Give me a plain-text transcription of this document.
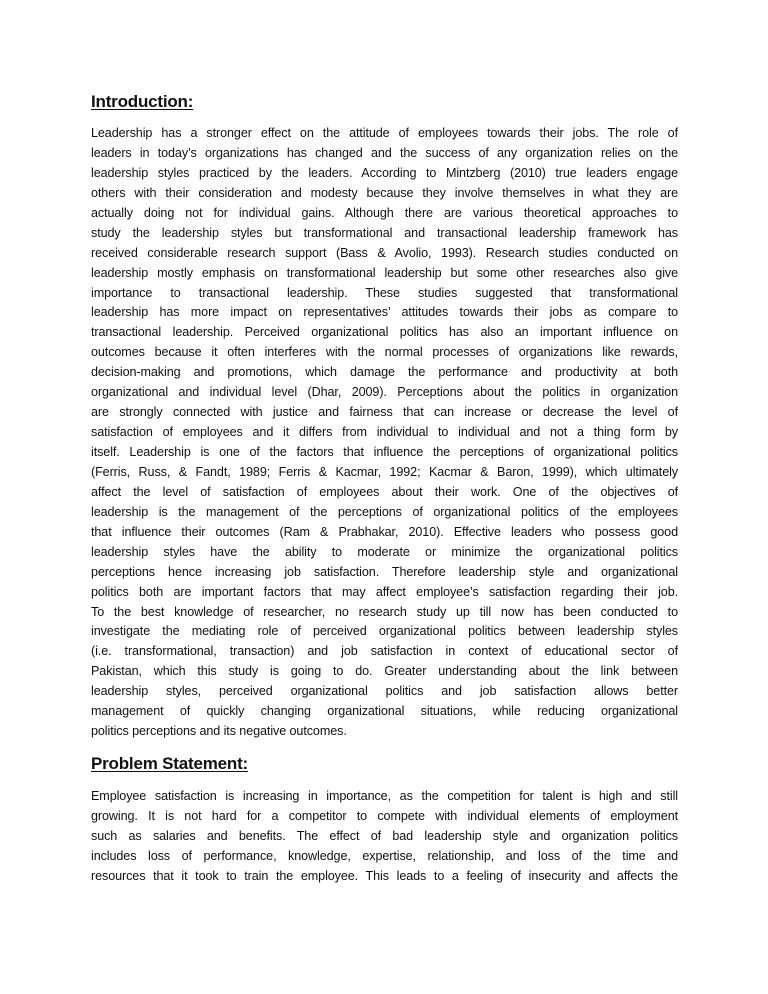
Introduction:
Leadership has a stronger effect on the attitude of employees towards their jobs. The role of
leaders in today’s organizations has changed and the success of any organization relies on the
leadership styles practiced by the leaders. According to Mintzberg (2010) true leaders engage
others with their consideration and modesty because they involve themselves in what they are
actually doing not for individual gains. Although there are various theoretical approaches to
study the leadership styles but transformational and transactional leadership framework has
received considerable research support (Bass & Avolio, 1993). Research studies conducted on
leadership mostly emphasis on transformational leadership but some other researches also give
importance to transactional leadership. These studies suggested that transformational
leadership has more impact on representatives’ attitudes towards their jobs as compare to
transactional leadership. Perceived organizational politics has also an important influence on
outcomes because it often interferes with the normal processes of organizations like rewards,
decision-making and promotions, which damage the performance and productivity at both
organizational and individual level (Dhar, 2009). Perceptions about the politics in organization
are strongly connected with justice and fairness that can increase or decrease the level of
satisfaction of employees and it differs from individual to individual and not a thing form by
itself. Leadership is one of the factors that influence the perceptions of organizational politics
(Ferris, Russ, & Fandt, 1989; Ferris & Kacmar, 1992; Kacmar & Baron, 1999), which ultimately
affect the level of satisfaction of employees about their work. One of the objectives of
leadership is the management of the perceptions of organizational politics of the employees
that influence their outcomes (Ram & Prabhakar, 2010). Effective leaders who possess good
leadership styles have the ability to moderate or minimize the organizational politics
perceptions hence increasing job satisfaction. Therefore leadership style and organizational
politics both are important factors that may affect employee’s satisfaction regarding their job.
To the best knowledge of researcher, no research study up till now has been conducted to
investigate the mediating role of perceived organizational politics between leadership styles
(i.e. transformational, transaction) and job satisfaction in context of educational sector of
Pakistan, which this study is going to do. Greater understanding about the link between
leadership styles, perceived organizational politics and job satisfaction allows better
management of quickly changing organizational situations, while reducing organizational
politics perceptions and its negative outcomes.
Problem Statement:
Employee satisfaction is increasing in importance, as the competition for talent is high and still
growing. It is not hard for a competitor to compete with individual elements of employment
such as salaries and benefits. The effect of bad leadership style and organization politics
includes loss of performance, knowledge, expertise, relationship, and loss of the time and
resources that it took to train the employee. This leads to a feeling of insecurity and affects the
